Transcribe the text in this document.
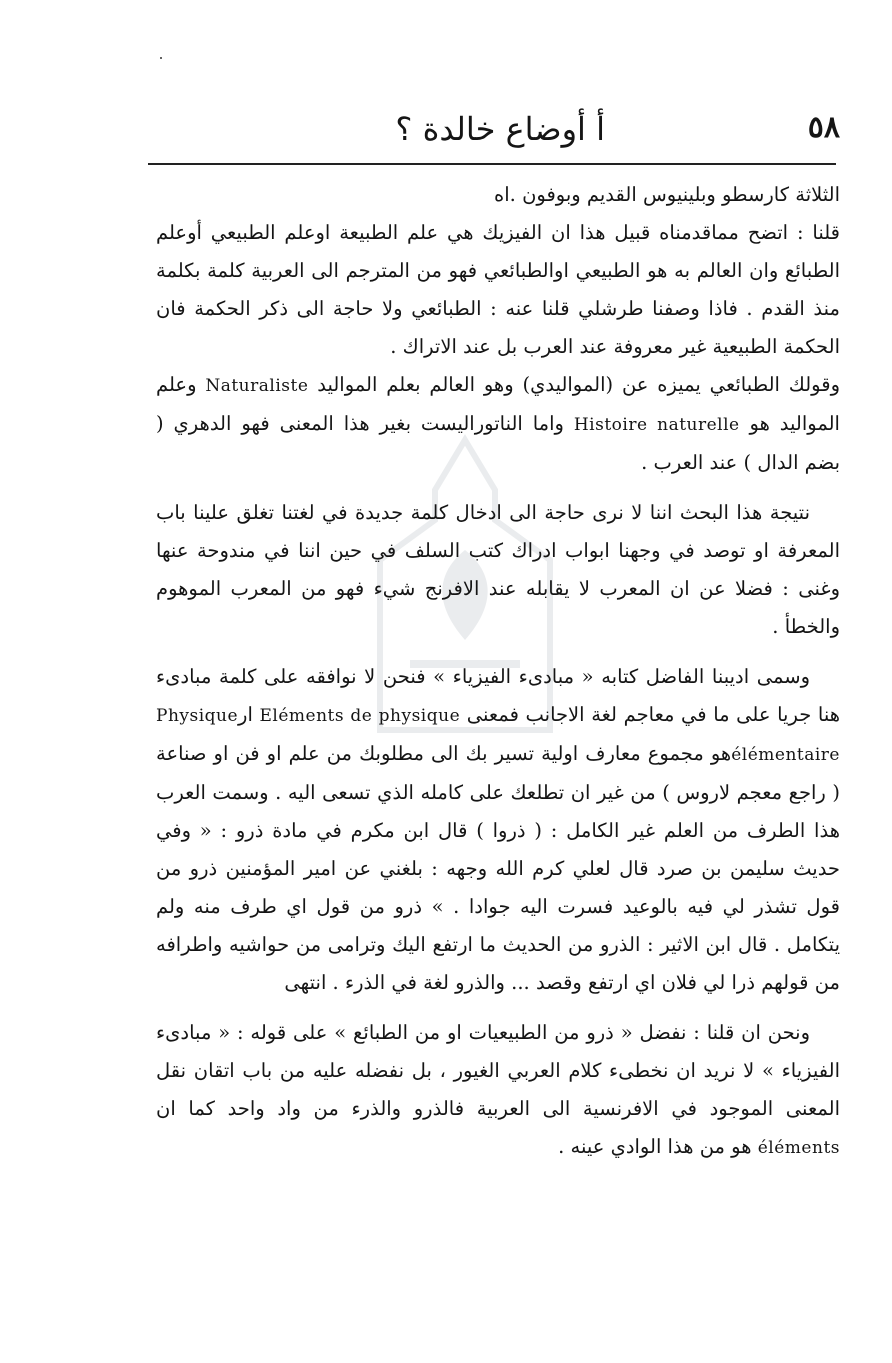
٥٨
أ أوضاع خالدة ؟

الثلاثة كارسطو وبلينيوس القديم وبوفون .اه

قلنا : اتضح مماقدمناه قبيل هذا ان الفيزيك هي علم الطبيعة اوعلم الطبيعي أوعلم الطبائع وان العالم به هو الطبيعي اوالطبائعي فهو من المترجم الى العربية كلمة بكلمة منذ القدم . فاذا وصفنا طرشلي قلنا عنه : الطبائعي ولا حاجة الى ذكر الحكمة فان الحكمة الطبيعية غير معروفة عند العرب بل عند الاتراك .

وقولك الطبائعي يميزه عن (المواليدي) وهو العالم بعلم المواليد Naturaliste وعلم المواليد هو Histoire naturelle واما الناتوراليست بغير هذا المعنى فهو الدهري ( بضم الدال ) عند العرب .

نتيجة هذا البحث اننا لا نرى حاجة الى ادخال كلمة جديدة في لغتنا تغلق علينا باب المعرفة او توصد في وجهنا ابواب ادراك كتب السلف في حين اننا في مندوحة عنها وغنى : فضلا عن ان المعرب لا يقابله عند الافرنج شيء فهو من المعرب الموهوم والخطأ .

وسمى ادیبنا الفاضل كتابه « مبادىء الفيزياء » فنحن لا نوافقه على كلمة مبادىء هنا جريا على ما في معاجم لغة الاجانب فمعنى Eléments de physique ارPhysique élémentaireهو مجموع معارف اولية تسير بك الى مطلوبك من علم او فن او صناعة ( راجع معجم لاروس ) من غير ان تطلعك على كامله الذي تسعى اليه . وسمت العرب هذا الطرف من العلم غير الكامل : ( ذروا ) قال ابن مكرم في مادة ذرو : « وفي حديث سليمن بن صرد قال لعلي كرم الله وجهه : بلغني عن امير المؤمنين ذرو من قول تشذر لي فيه بالوعيد فسرت اليه جوادا . » ذرو من قول اي طرف منه ولم يتكامل . قال ابن الاثير : الذرو من الحديث ما ارتفع اليك وترامى من حواشيه واطرافه من قولهم ذرا لي فلان اي ارتفع وقصد ... والذرو لغة في الذرء . انتهى

ونحن ان قلنا : نفضل « ذرو من الطبيعيات او من الطبائع » على قوله : « مبادىء الفيزياء » لا نريد ان نخطىء كلام العربي الغيور ، بل نفضله عليه من باب اتقان نقل المعنى الموجود في الافرنسية الى العربية فالذرو والذرء من واد واحد كما ان éléments هو من هذا الوادي عينه .
